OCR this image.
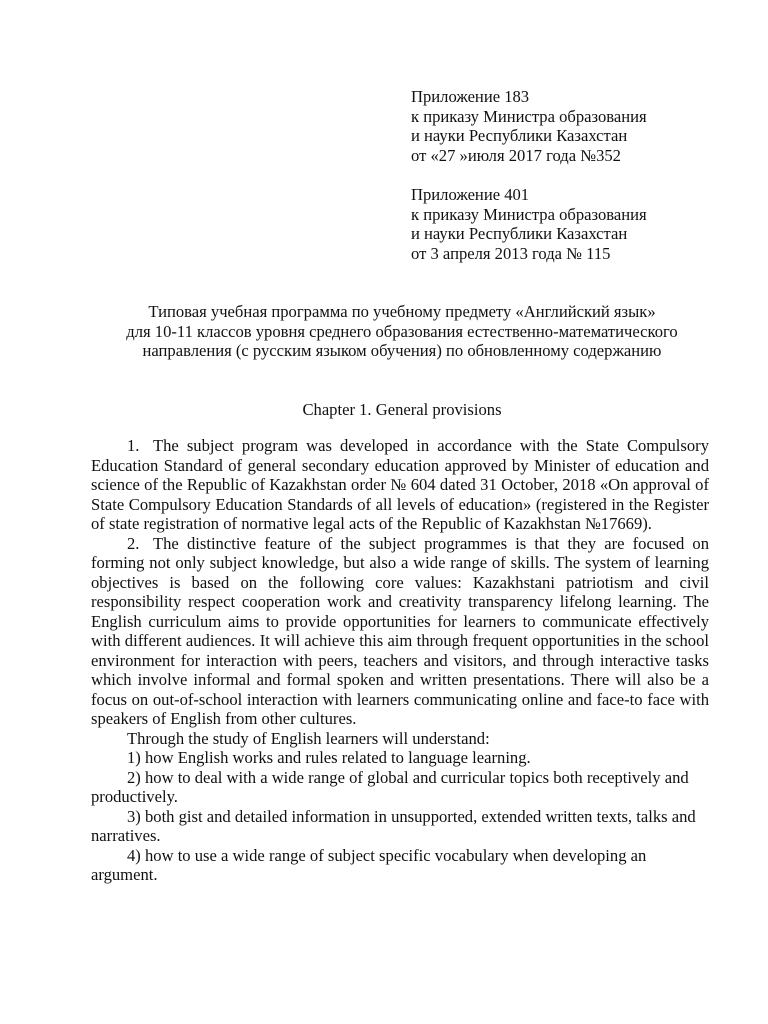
Приложение 183
к приказу Министра образования
и науки Республики Казахстан
от «27 »июля 2017 года №352
Приложение 401
к приказу Министра образования
и науки Республики Казахстан
от 3 апреля 2013 года № 115
Типовая учебная программа по учебному предмету «Английский язык»
для 10-11 классов уровня среднего образования естественно-математического
направления (с русским языком обучения) по обновленному содержанию
Chapter 1. General provisions

1. The subject program was developed in accordance with the State Compulsory Education Standard of general secondary education approved by Minister of education and science of the Republic of Kazakhstan order № 604 dated 31 October, 2018 «On approval of State Compulsory Education Standards of all levels of education» (registered in the Register of state registration of normative legal acts of the Republic of Kazakhstan №17669).

2. The distinctive feature of the subject programmes is that they are focused on forming not only subject knowledge, but also a wide range of skills. The system of learning objectives is based on the following core values: Kazakhstani patriotism and civil responsibility respect cooperation work and creativity transparency lifelong learning. The English curriculum aims to provide opportunities for learners to communicate effectively with different audiences. It will achieve this aim through frequent opportunities in the school environment for interaction with peers, teachers and visitors, and through interactive tasks which involve informal and formal spoken and written presentations. There will also be a focus on out-of-school interaction with learners communicating online and face-to face with speakers of English from other cultures.

Through the study of English learners will understand:

1) how English works and rules related to language learning.

2) how to deal with a wide range of global and curricular topics both receptively and productively.

3) both gist and detailed information in unsupported, extended written texts, talks and narratives.

4) how to use a wide range of subject specific vocabulary when developing an argument.
